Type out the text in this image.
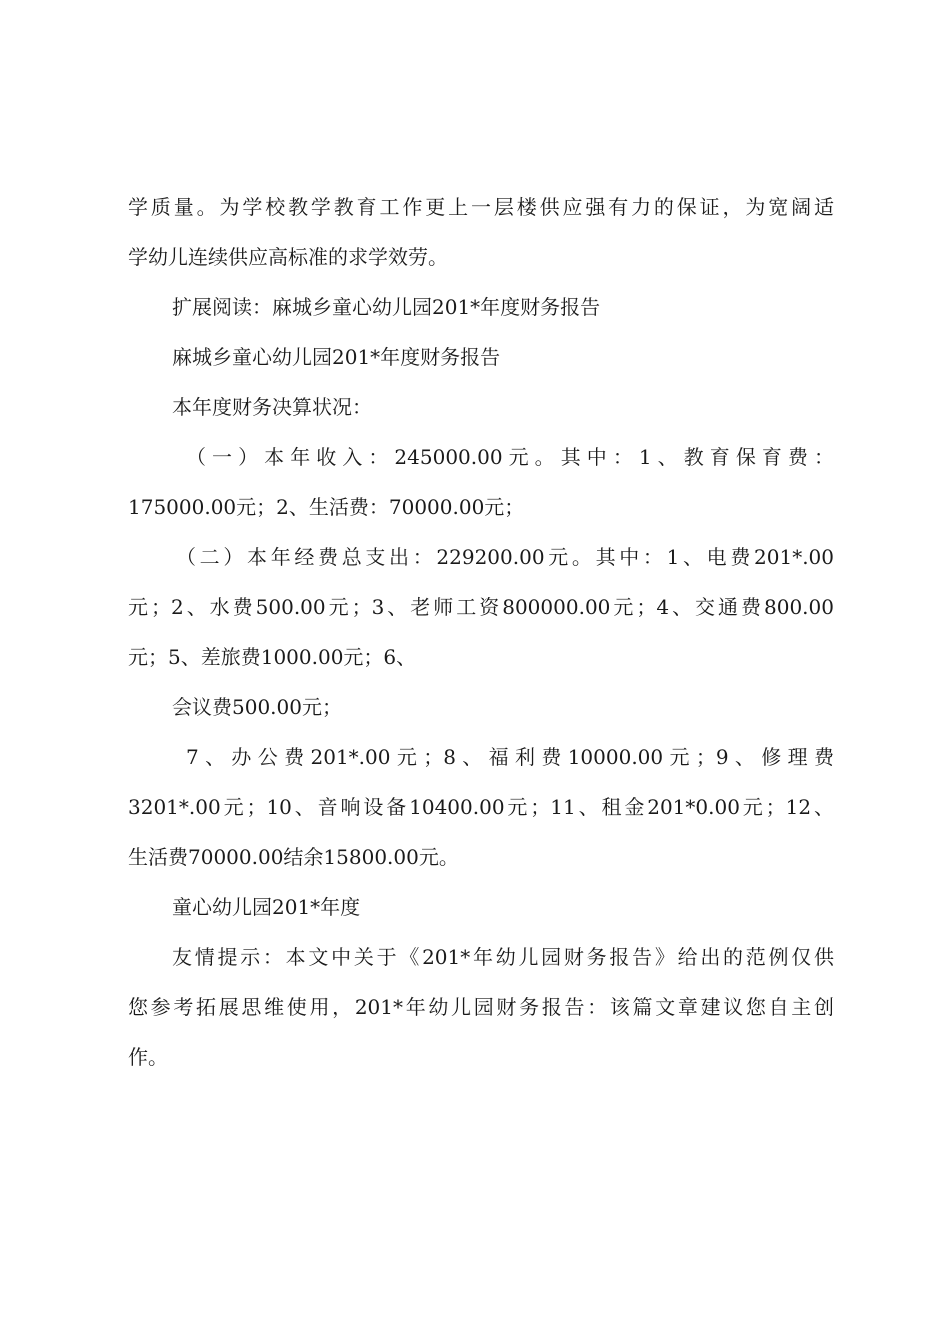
学质量。为学校教学教育工作更上一层楼供应强有力的保证，为宽阔适
学幼儿连续供应高标准的求学效劳。
扩展阅读：麻城乡童心幼儿园201*年度财务报告
麻城乡童心幼儿园201*年度财务报告
本年度财务决算状况：
（一）本年收入：245000.00元。其中：1、教育保育费：
175000.00元；2、生活费：70000.00元；
（二）本年经费总支出：229200.00元。其中：1、电费201*.00
元；2、水费500.00元；3、老师工资800000.00元；4、交通费800.00
元；5、差旅费1000.00元；6、
会议费500.00元；
7、办公费201*.00元；8、福利费10000.00元；9、修理费
3201*.00元；10、音响设备10400.00元；11、租金201*0.00元；12、
生活费70000.00结余15800.00元。
童心幼儿园201*年度
友情提示：本文中关于《201*年幼儿园财务报告》给出的范例仅供
您参考拓展思维使用，201*年幼儿园财务报告：该篇文章建议您自主创
作。
